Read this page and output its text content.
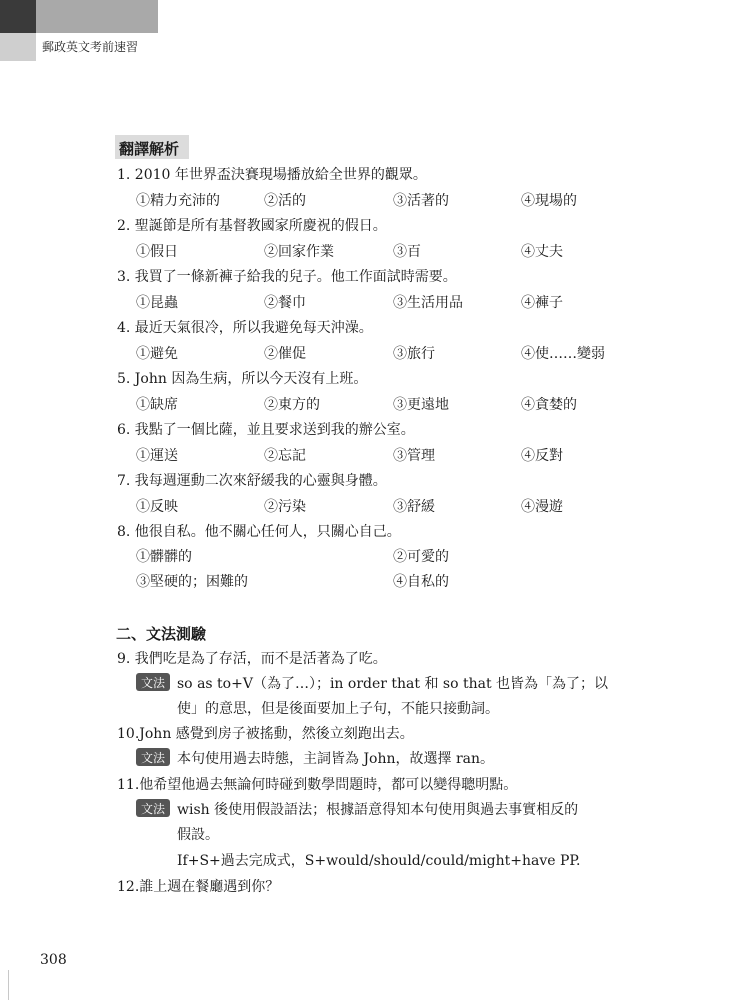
郵政英文考前速習
翻譯解析
1. 2010 年世界盃決賽現場播放給全世界的觀眾。
①精力充沛的	②活的	③活著的	④現場的
2. 聖誕節是所有基督教國家所慶祝的假日。
①假日	②回家作業	③百	④丈夫
3. 我買了一條新褲子給我的兒子。他工作面試時需要。
①昆蟲	②餐巾	③生活用品	④褲子
4. 最近天氣很冷，所以我避免每天沖澡。
①避免	②催促	③旅行	④使……變弱
5. John 因為生病，所以今天沒有上班。
①缺席	②東方的	③更遠地	④貪婪的
6. 我點了一個比薩，並且要求送到我的辦公室。
①運送	②忘記	③管理	④反對
7. 我每週運動二次來舒緩我的心靈與身體。
①反映	②污染	③舒緩	④漫遊
8. 他很自私。他不關心任何人，只關心自己。
①髒髒的	②可愛的
③堅硬的；困難的	④自私的
二、文法測驗
9. 我們吃是為了存活，而不是活著為了吃。
文法 so as to+V（為了…）；in order that 和 so that 也皆為「為了；以
使」的意思，但是後面要加上子句，不能只接動詞。
10.John 感覺到房子被搖動，然後立刻跑出去。
文法 本句使用過去時態，主詞皆為 John，故選擇 ran。
11.他希望他過去無論何時碰到數學問題時，都可以變得聰明點。
文法 wish 後使用假設語法；根據語意得知本句使用與過去事實相反的
假設。
If+S+過去完成式，S+would/should/could/might+have PP.
12.誰上週在餐廳遇到你？
308
